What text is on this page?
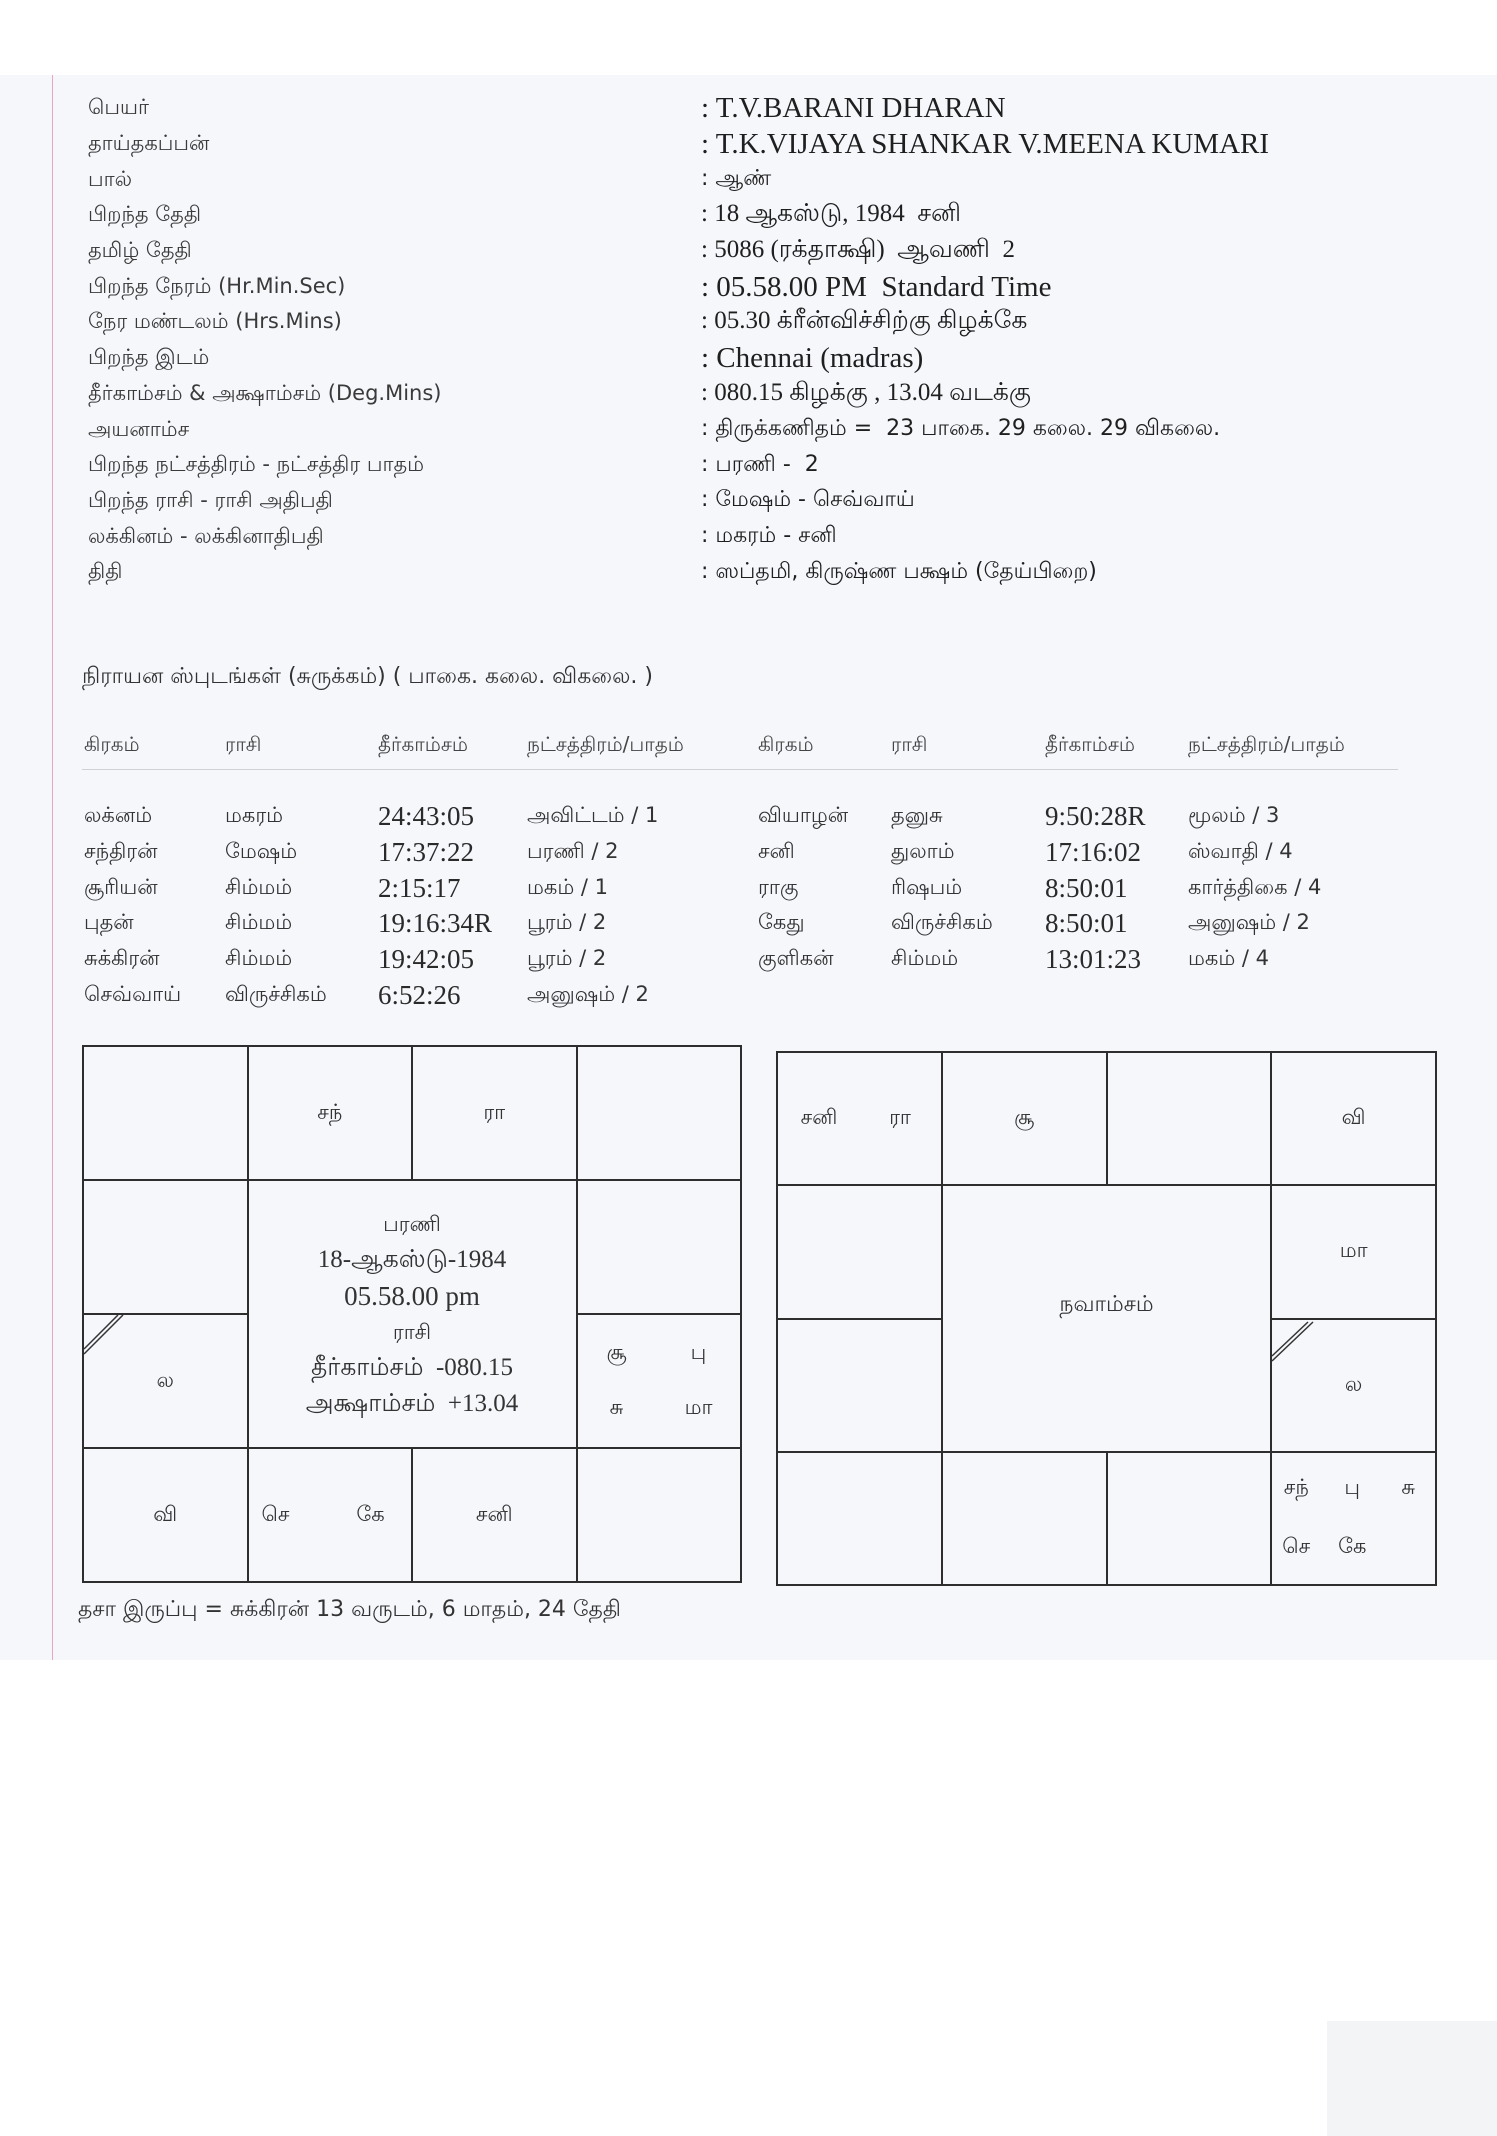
பெயர்	: T.V.BARANI DHARAN
தாய்தகப்பன்	: T.K.VIJAYA SHANKAR V.MEENA KUMARI
பால்	: ஆண்
பிறந்த தேதி	: 18 ஆகஸ்டு, 1984  சனி
தமிழ் தேதி	: 5086 (ரக்தாக்ஷி)  ஆவணி  2
பிறந்த நேரம் (Hr.Min.Sec)	: 05.58.00 PM  Standard Time
நேர மண்டலம் (Hrs.Mins)	: 05.30 க்ரீன்விச்சிற்கு கிழக்கே
பிறந்த இடம்	: Chennai (madras)
தீர்காம்சம் & அக்ஷாம்சம் (Deg.Mins)	: 080.15 கிழக்கு , 13.04 வடக்கு
அயனாம்ச	: திருக்கணிதம் =  23 பாகை. 29 கலை. 29 விகலை.
பிறந்த நட்சத்திரம் - நட்சத்திர பாதம்	: பரணி -  2
பிறந்த ராசி - ராசி அதிபதி	: மேஷம் - செவ்வாய்
லக்கினம் - லக்கினாதிபதி	: மகரம் - சனி
திதி	: ஸப்தமி, கிருஷ்ண பக்ஷம் (தேய்பிறை)
நிராயன ஸ்புடங்கள் (சுருக்கம்) ( பாகை. கலை. விகலை. )
கிரகம்	ராசி	தீர்காம்சம்	நட்சத்திரம்/பாதம்	கிரகம்	ராசி	தீர்காம்சம்	நட்சத்திரம்/பாதம்
லக்னம்	மகரம்	24:43:05	அவிட்டம் / 1	வியாழன்	தனுசு	9:50:28R	மூலம் / 3
சந்திரன்	மேஷம்	17:37:22	பரணி / 2	சனி	துலாம்	17:16:02	ஸ்வாதி / 4
சூரியன்	சிம்மம்	2:15:17	மகம் / 1	ராகு	ரிஷபம்	8:50:01	கார்த்திகை / 4
புதன்	சிம்மம்	19:16:34R	பூரம் / 2	கேது	விருச்சிகம்	8:50:01	அனுஷம் / 2
சுக்கிரன்	சிம்மம்	19:42:05	பூரம் / 2	குளிகன்	சிம்மம்	13:01:23	மகம் / 4
செவ்வாய்	விருச்சிகம்	6:52:26	அனுஷம் / 2
சந்	ரா
பரணி
18-ஆகஸ்டு-1984
05.58.00 pm
ராசி
தீர்காம்சம்  -080.15
அக்ஷாம்சம்  +13.04
ல
சூ	பு
சு	மா
வி	செ	கே	சனி
சனி	ரா	சூ	வி
நவாம்சம்
மா
ல
சந்	பு	சு
செ கே
தசா இருப்பு = சுக்கிரன் 13 வருடம், 6 மாதம், 24 தேதி
